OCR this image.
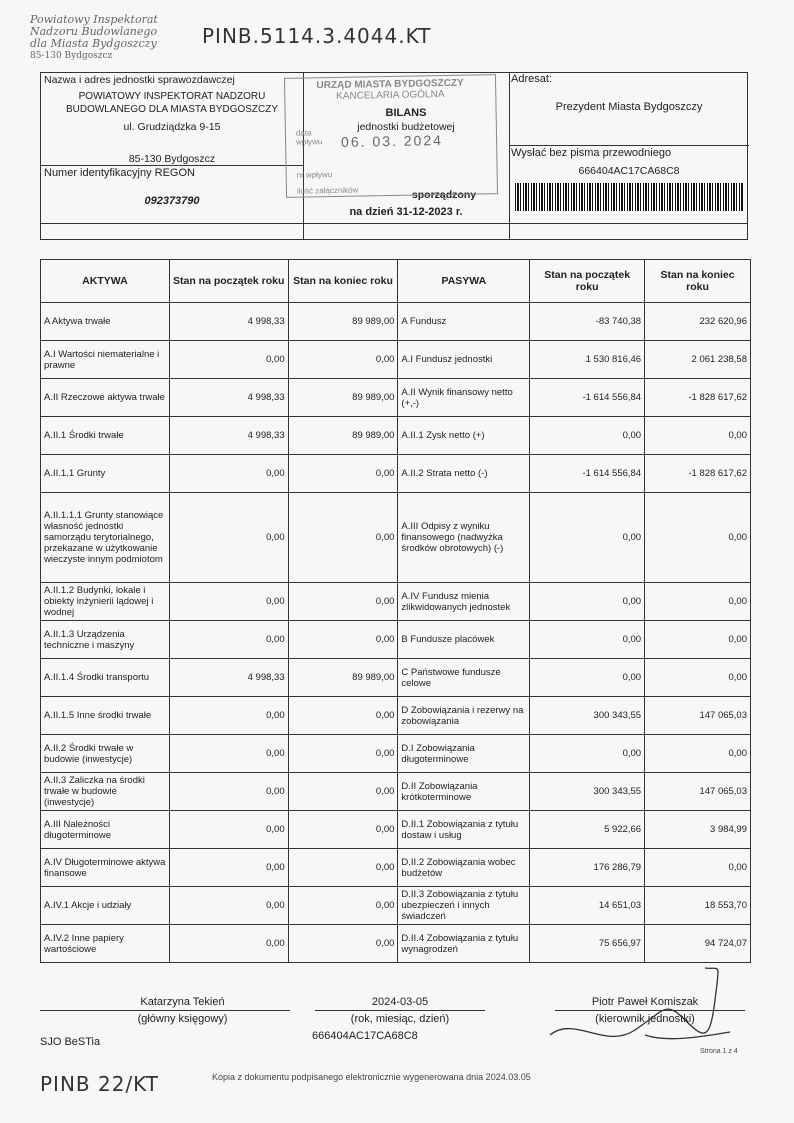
Powiatowy Inspektorat
Nadzoru Budowlanego
dla Miasta Bydgoszczy
85-130 Bydgoszcz
PINB.5114.3.4044.KT
Nazwa i adres jednostki sprawozdawczej
POWIATOWY INSPEKTORAT NADZORU
BUDOWLANEGO DLA MIASTA BYDGOSZCZY
ul. Grudziądzka 9-15
85-130 Bydgoszcz
Numer identyfikacyjny REGON
092373790
BILANS
jednostki budżetowej
sporządzony
na dzień 31-12-2023 r.
Adresat:
Prezydent Miasta Bydgoszczy
Wysłać bez pisma przewodniego
666404AC17CA68C8
URZĄD MIASTA BYDGOSZCZY
KANCELARIA OGÓLNA
data wpływu 06. 03. 2024
nr wpływu
ilość załączników
AKTYWA	Stan na początek roku	Stan na koniec roku	PASYWA	Stan na początek roku	Stan na koniec roku
A Aktywa trwałe	4 998,33	89 989,00	A Fundusz	-83 740,38	232 620,96
A.I Wartości niematerialne i prawne	0,00	0,00	A.I Fundusz jednostki	1 530 816,46	2 061 238,58
A.II Rzeczowe aktywa trwałe	4 998,33	89 989,00	A.II Wynik finansowy netto (+,-)	-1 614 556,84	-1 828 617,62
A.II.1 Środki trwałe	4 998,33	89 989,00	A.II.1 Zysk netto (+)	0,00	0,00
A.II.1.1 Grunty	0,00	0,00	A.II.2 Strata netto (-)	-1 614 556,84	-1 828 617,62
A.II.1.1.1 Grunty stanowiące własność jednostki samorządu terytorialnego, przekazane w użytkowanie wieczyste innym podmiotom	0,00	0,00	A.III Odpisy z wyniku finansowego (nadwyżka środków obrotowych) (-)	0,00	0,00
A.II.1.2 Budynki, lokale i obiekty inżynierii lądowej i wodnej	0,00	0,00	A.IV Fundusz mienia zlikwidowanych jednostek	0,00	0,00
A.II.1.3 Urządzenia techniczne i maszyny	0,00	0,00	B Fundusze placówek	0,00	0,00
A.II.1.4 Środki transportu	4 998,33	89 989,00	C Państwowe fundusze celowe	0,00	0,00
A.II.1.5 Inne środki trwałe	0,00	0,00	D Zobowiązania i rezerwy na zobowiązania	300 343,55	147 065,03
A.II.2 Środki trwałe w budowie (inwestycje)	0,00	0,00	D.I Zobowiązania długoterminowe	0,00	0,00
A.II.3 Zaliczka na środki trwałe w budowie (inwestycje)	0,00	0,00	D.II Zobowiązania krótkoterminowe	300 343,55	147 065,03
A.III Należności długoterminowe	0,00	0,00	D.II.1 Zobowiązania z tytułu dostaw i usług	5 922,66	3 984,99
A.IV Długoterminowe aktywa finansowe	0,00	0,00	D.II.2 Zobowiązania wobec budżetów	176 286,79	0,00
A.IV.1 Akcje i udziały	0,00	0,00	D.II.3 Zobowiązania z tytułu ubezpieczeń i innych świadczeń	14 651,03	18 553,70
A.IV.2 Inne papiery wartościowe	0,00	0,00	D.II.4 Zobowiązania z tytułu wynagrodzeń	75 656,97	94 724,07
Katarzyna Tekień
(główny księgowy)
2024-03-05
(rok, miesiąc, dzień)
Piotr Paweł Komiszak
(kierownik jednostki)
SJO BeSTia	666404AC17CA68C8
Strona 1 z 4
PINB 22/KT	Kopia z dokumentu podpisanego elektronicznie wygenerowana dnia 2024.03.05
